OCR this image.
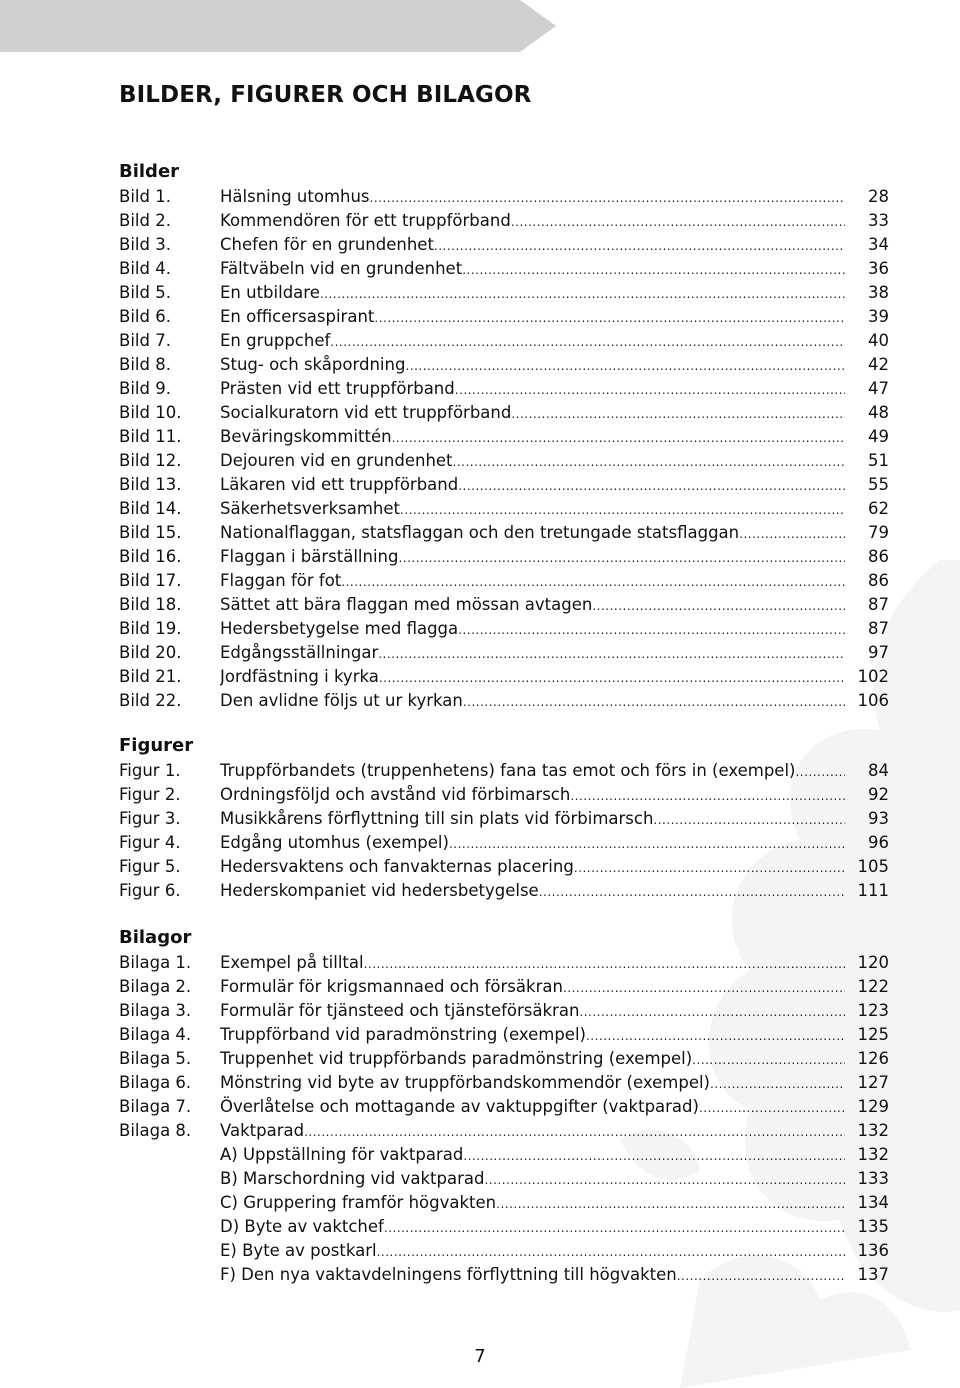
BILDER, FIGURER OCH BILAGOR
Bilder
Bild 1.	Hälsning utomhus .....	28
Bild 2.	Kommendören för ett truppförband .....	33
Bild 3.	Chefen för en grundenhet .....	34
Bild 4.	Fältväbeln vid en grundenhet .....	36
Bild 5.	En utbildare .....	38
Bild 6.	En officersaspirant .....	39
Bild 7.	En gruppchef .....	40
Bild 8.	Stug- och skåpordning .....	42
Bild 9.	Prästen vid ett truppförband .....	47
Bild 10. Socialkuratorn vid ett truppförband .....	48
Bild 11. Beväringskommittén .....	49
Bild 12. Dejouren vid en grundenhet .....	51
Bild 13. Läkaren vid ett truppförband .....	55
Bild 14. Säkerhetsverksamhet .....	62
Bild 15. Nationalflaggan, statsflaggan och den tretungade statsflaggan .....	79
Bild 16. Flaggan i bärställning .....	86
Bild 17. Flaggan för fot .....	86
Bild 18. Sättet att bära flaggan med mössan avtagen .....	87
Bild 19. Hedersbetygelse med flagga .....	87
Bild 20. Edgångsställningar .....	97
Bild 21. Jordfästning i kyrka .....	102
Bild 22. Den avlidne följs ut ur kyrkan .....	106
Figurer
Figur 1. Truppförbandets (truppenhetens) fana tas emot och förs in (exempel) .....	84
Figur 2. Ordningsföljd och avstånd vid förbimarsch .....	92
Figur 3. Musikkårens förflyttning till sin plats vid förbimarsch .....	93
Figur 4. Edgång utomhus (exempel) .....	96
Figur 5. Hedersvaktens och fanvakternas placering .....	105
Figur 6. Hederskompaniet vid hedersbetygelse .....	111
Bilagor
Bilaga 1. Exempel på tilltal .....	120
Bilaga 2. Formulär för krigsmannaed och försäkran .....	122
Bilaga 3. Formulär för tjänsteed och tjänsteförsäkran .....	123
Bilaga 4. Truppförband vid paradmönstring (exempel) .....	125
Bilaga 5. Truppenhet vid truppförbands paradmönstring (exempel) .....	126
Bilaga 6. Mönstring vid byte av truppförbandskommendör (exempel) .....	127
Bilaga 7. Överlåtelse och mottagande av vaktuppgifter (vaktparad) .....	129
Bilaga 8. Vaktparad .....	132
A) Uppställning för vaktparad .....	132
B) Marschordning vid vaktparad .....	133
C) Gruppering framför högvakten .....	134
D) Byte av vaktchef .....	135
E) Byte av postkarl .....	136
F) Den nya vaktavdelningens förflyttning till högvakten .....	137
7
